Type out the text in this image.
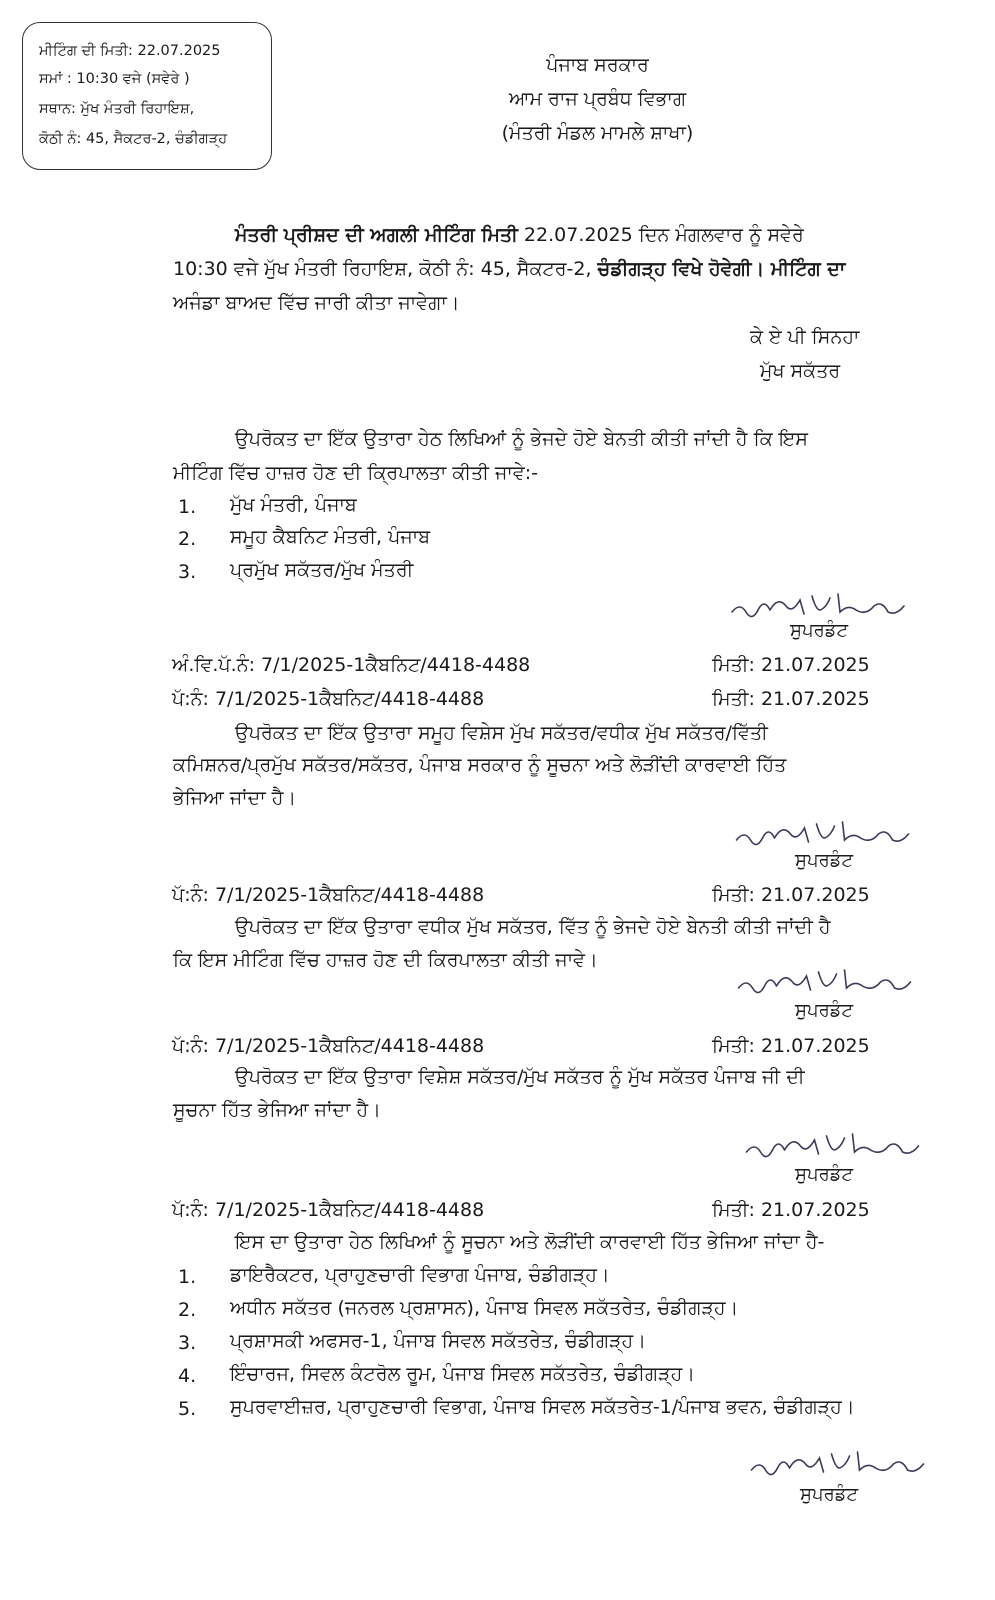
ਮੀਟਿੰਗ ਦੀ ਮਿਤੀ: 22.07.2025
ਸਮਾਂ : 10:30 ਵਜੇ (ਸਵੇਰੇ )
ਸਥਾਨ: ਮੁੱਖ ਮੰਤਰੀ ਰਿਹਾਇਸ਼,
ਕੋਠੀ ਨੰ: 45, ਸੈਕਟਰ-2, ਚੰਡੀਗੜ੍ਹ
ਪੰਜਾਬ ਸਰਕਾਰ
ਆਮ ਰਾਜ ਪ੍ਰਬੰਧ ਵਿਭਾਗ
(ਮੰਤਰੀ ਮੰਡਲ ਮਾਮਲੇ ਸ਼ਾਖਾ)
ਮੰਤਰੀ ਪ੍ਰੀਸ਼ਦ ਦੀ ਅਗਲੀ ਮੀਟਿੰਗ ਮਿਤੀ 22.07.2025 ਦਿਨ ਮੰਗਲਵਾਰ ਨੂੰ ਸਵੇਰੇ
10:30 ਵਜੇ ਮੁੱਖ ਮੰਤਰੀ ਰਿਹਾਇਸ਼, ਕੋਠੀ ਨੰ: 45, ਸੈਕਟਰ-2, ਚੰਡੀਗੜ੍ਹ ਵਿਖੇ ਹੋਵੇਗੀ। ਮੀਟਿੰਗ ਦਾ
ਅਜੰਡਾ ਬਾਅਦ ਵਿੱਚ ਜਾਰੀ ਕੀਤਾ ਜਾਵੇਗਾ।
ਕੇ ਏ ਪੀ ਸਿਨਹਾ
ਮੁੱਖ ਸਕੱਤਰ
ਉਪਰੋਕਤ ਦਾ ਇੱਕ ਉਤਾਰਾ ਹੇਠ ਲਿਖਿਆਂ ਨੂੰ ਭੇਜਦੇ ਹੋਏ ਬੇਨਤੀ ਕੀਤੀ ਜਾਂਦੀ ਹੈ ਕਿ ਇਸ
ਮੀਟਿੰਗ ਵਿੱਚ ਹਾਜ਼ਰ ਹੋਣ ਦੀ ਕ੍ਰਿਪਾਲਤਾ ਕੀਤੀ ਜਾਵੇ:-
1. ਮੁੱਖ ਮੰਤਰੀ, ਪੰਜਾਬ
2. ਸਮੂਹ ਕੈਬਨਿਟ ਮੰਤਰੀ, ਪੰਜਾਬ
3. ਪ੍ਰਮੁੱਖ ਸਕੱਤਰ/ਮੁੱਖ ਮੰਤਰੀ
ਸੁਪਰਡੰਟ
ਅੰ.ਵਿ.ਪੱ.ਨੰ: 7/1/2025-1ਕੈਬਨਿਟ/4418-4488	ਮਿਤੀ: 21.07.2025
ਪੱ:ਨੰ: 7/1/2025-1ਕੈਬਨਿਟ/4418-4488	ਮਿਤੀ: 21.07.2025
ਉਪਰੋਕਤ ਦਾ ਇੱਕ ਉਤਾਰਾ ਸਮੂਹ ਵਿਸ਼ੇਸ ਮੁੱਖ ਸਕੱਤਰ/ਵਧੀਕ ਮੁੱਖ ਸਕੱਤਰ/ਵਿੱਤੀ
ਕਮਿਸ਼ਨਰ/ਪ੍ਰਮੁੱਖ ਸਕੱਤਰ/ਸਕੱਤਰ, ਪੰਜਾਬ ਸਰਕਾਰ ਨੂੰ ਸੂਚਨਾ ਅਤੇ ਲੋੜੀਂਦੀ ਕਾਰਵਾਈ ਹਿੱਤ
ਭੇਜਿਆ ਜਾਂਦਾ ਹੈ।
ਸੁਪਰਡੰਟ
ਪੱ:ਨੰ: 7/1/2025-1ਕੈਬਨਿਟ/4418-4488	ਮਿਤੀ: 21.07.2025
ਉਪਰੋਕਤ ਦਾ ਇੱਕ ਉਤਾਰਾ ਵਧੀਕ ਮੁੱਖ ਸਕੱਤਰ, ਵਿੱਤ ਨੂੰ ਭੇਜਦੇ ਹੋਏ ਬੇਨਤੀ ਕੀਤੀ ਜਾਂਦੀ ਹੈ
ਕਿ ਇਸ ਮੀਟਿੰਗ ਵਿੱਚ ਹਾਜ਼ਰ ਹੋਣ ਦੀ ਕਿਰਪਾਲਤਾ ਕੀਤੀ ਜਾਵੇ।
ਸੁਪਰਡੰਟ
ਪੱ:ਨੰ: 7/1/2025-1ਕੈਬਨਿਟ/4418-4488	ਮਿਤੀ: 21.07.2025
ਉਪਰੋਕਤ ਦਾ ਇੱਕ ਉਤਾਰਾ ਵਿਸ਼ੇਸ਼ ਸਕੱਤਰ/ਮੁੱਖ ਸਕੱਤਰ ਨੂੰ ਮੁੱਖ ਸਕੱਤਰ ਪੰਜਾਬ ਜੀ ਦੀ
ਸੂਚਨਾ ਹਿੱਤ ਭੇਜਿਆ ਜਾਂਦਾ ਹੈ।
ਸੁਪਰਡੰਟ
ਪੱ:ਨੰ: 7/1/2025-1ਕੈਬਨਿਟ/4418-4488	ਮਿਤੀ: 21.07.2025
ਇਸ ਦਾ ਉਤਾਰਾ ਹੇਠ ਲਿਖਿਆਂ ਨੂੰ ਸੂਚਨਾ ਅਤੇ ਲੋੜੀਂਦੀ ਕਾਰਵਾਈ ਹਿੱਤ ਭੇਜਿਆ ਜਾਂਦਾ ਹੈ-
1. ਡਾਇਰੈਕਟਰ, ਪ੍ਰਾਹੁਣਚਾਰੀ ਵਿਭਾਗ ਪੰਜਾਬ, ਚੰਡੀਗੜ੍ਹ।
2. ਅਧੀਨ ਸਕੱਤਰ (ਜਨਰਲ ਪ੍ਰਸ਼ਾਸਨ), ਪੰਜਾਬ ਸਿਵਲ ਸਕੱਤਰੇਤ, ਚੰਡੀਗੜ੍ਹ।
3. ਪ੍ਰਸ਼ਾਸਕੀ ਅਫਸਰ-1, ਪੰਜਾਬ ਸਿਵਲ ਸਕੱਤਰੇਤ, ਚੰਡੀਗੜ੍ਹ।
4. ਇੰਚਾਰਜ, ਸਿਵਲ ਕੰਟਰੋਲ ਰੂਮ, ਪੰਜਾਬ ਸਿਵਲ ਸਕੱਤਰੇਤ, ਚੰਡੀਗੜ੍ਹ।
5. ਸੁਪਰਵਾਈਜ਼ਰ, ਪ੍ਰਾਹੁਣਚਾਰੀ ਵਿਭਾਗ, ਪੰਜਾਬ ਸਿਵਲ ਸਕੱਤਰੇਤ-1/ਪੰਜਾਬ ਭਵਨ, ਚੰਡੀਗੜ੍ਹ।
ਸੁਪਰਡੰਟ
